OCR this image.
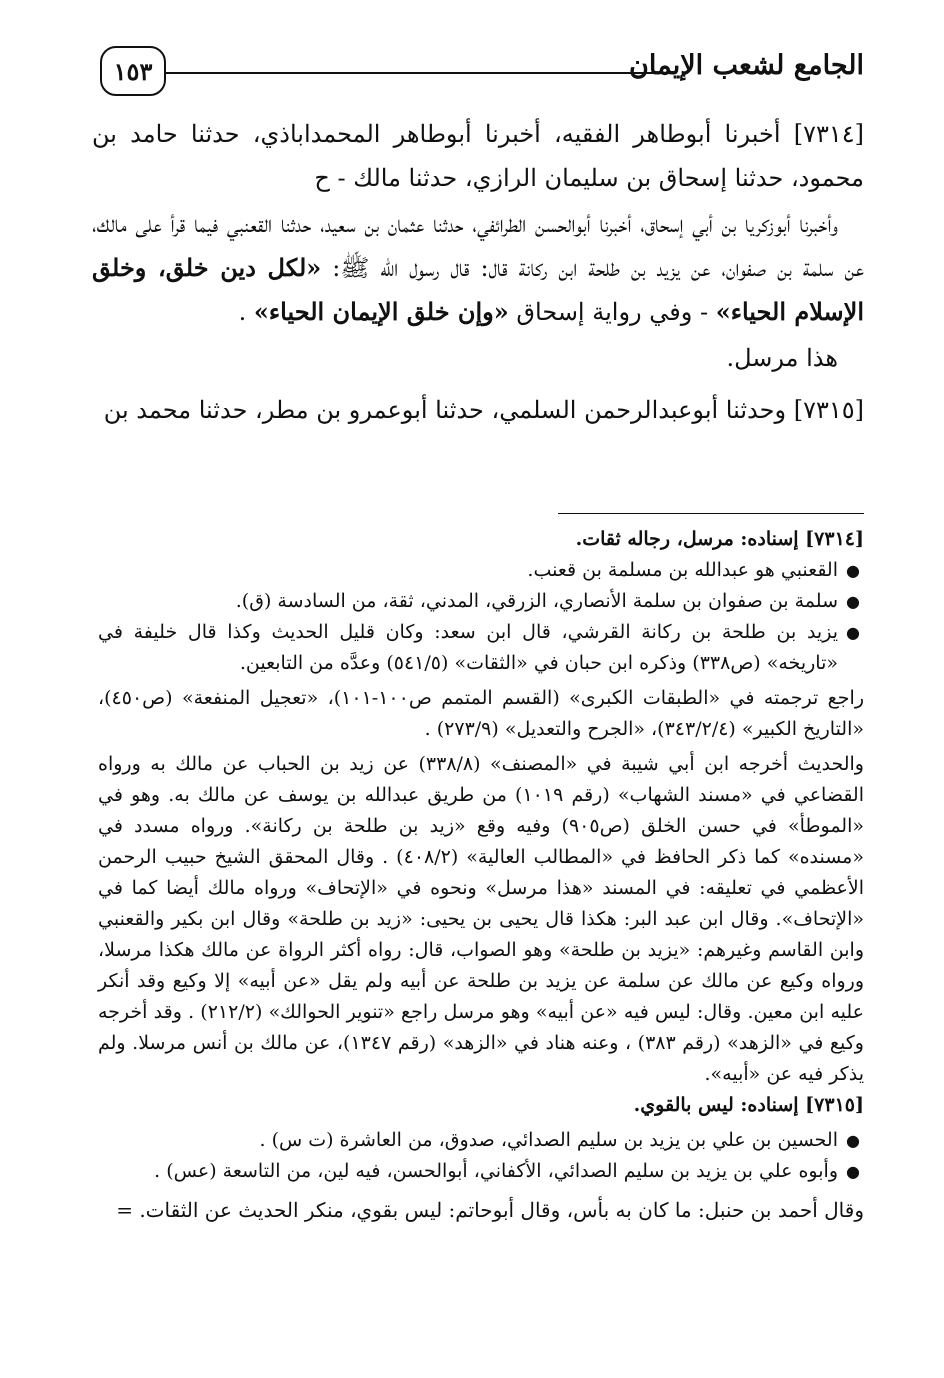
الجامع لشعب الإيمان
١٥٣

[٧٣١٤] أخبرنا أبوطاهر الفقيه، أخبرنا أبوطاهر المحمداباذي، حدثنا حامد بن محمود، حدثنا إسحاق بن سليمان الرازي، حدثنا مالك - ح

وأخبرنا أبوزكريا بن أبي إسحاق، أخبرنا أبوالحسن الطرائفي، حدثنا عثمان بن سعيد، حدثنا القعنبي فيما قرأ على مالك، عن سلمة بن صفوان، عن يزيد بن طلحة ابن ركانة قال: قال رسول الله ﷺ: «لكل دين خلق، وخلق الإسلام الحياء» - وفي رواية إسحاق «وإن خلق الإيمان الحياء» .

هذا مرسل.

[٧٣١٥] وحدثنا أبوعبدالرحمن السلمي، حدثنا أبوعمرو بن مطر، حدثنا محمد بن

[٧٣١٤] إسناده: مرسل، رجاله ثقات.

●
القعنبي هو عبدالله بن مسلمة بن قعنب.

●
سلمة بن صفوان بن سلمة الأنصاري، الزرقي، المدني، ثقة، من السادسة (ق).

●
يزيد بن طلحة بن ركانة القرشي، قال ابن سعد: وكان قليل الحديث وكذا قال خليفة في «تاريخه» (ص٣٣٨) وذكره ابن حبان في «الثقات» (٥٤١/٥) وعدَّه من التابعين.

راجع ترجمته في «الطبقات الكبرى» (القسم المتمم ص١٠٠-١٠١)، «تعجيل المنفعة» (ص٤٥٠)، «التاريخ الكبير» (٣٤٣/٢/٤)، «الجرح والتعديل» (٢٧٣/٩) .

والحديث أخرجه ابن أبي شيبة في «المصنف» (٣٣٨/٨) عن زيد بن الحباب عن مالك به ورواه القضاعي في «مسند الشهاب» (رقم ١٠١٩) من طريق عبدالله بن يوسف عن مالك به. وهو في «الموطأ» في حسن الخلق (ص٩٠٥) وفيه وقع «زيد بن طلحة بن ركانة». ورواه مسدد في «مسنده» كما ذكر الحافظ في «المطالب العالية» (٤٠٨/٢) . وقال المحقق الشيخ حبيب الرحمن الأعظمي في تعليقه: في المسند «هذا مرسل» ونحوه في «الإتحاف» ورواه مالك أيضا كما في «الإتحاف». وقال ابن عبد البر: هكذا قال يحيى بن يحيى: «زيد بن طلحة» وقال ابن بكير والقعنبي وابن القاسم وغيرهم: «يزيد بن طلحة» وهو الصواب، قال: رواه أكثر الرواة عن مالك هكذا مرسلا، ورواه وكيع عن مالك عن سلمة عن يزيد بن طلحة عن أبيه ولم يقل «عن أبيه» إلا وكيع وقد أنكر عليه ابن معين. وقال: ليس فيه «عن أبيه» وهو مرسل راجع «تنوير الحوالك» (٢١٢/٢) . وقد أخرجه وكيع في «الزهد» (رقم ٣٨٣) ، وعنه هناد في «الزهد» (رقم ١٣٤٧)، عن مالك بن أنس مرسلا. ولم يذكر فيه عن «أبيه».

[٧٣١٥] إسناده: ليس بالقوي.

●
الحسين بن علي بن يزيد بن سليم الصدائي، صدوق، من العاشرة (ت س) .

●
وأبوه علي بن يزيد بن سليم الصدائي، الأكفاني، أبوالحسن، فيه لين، من التاسعة (عس) .

وقال أحمد بن حنبل: ما كان به بأس، وقال أبوحاتم: ليس بقوي، منكر الحديث عن الثقات. =
